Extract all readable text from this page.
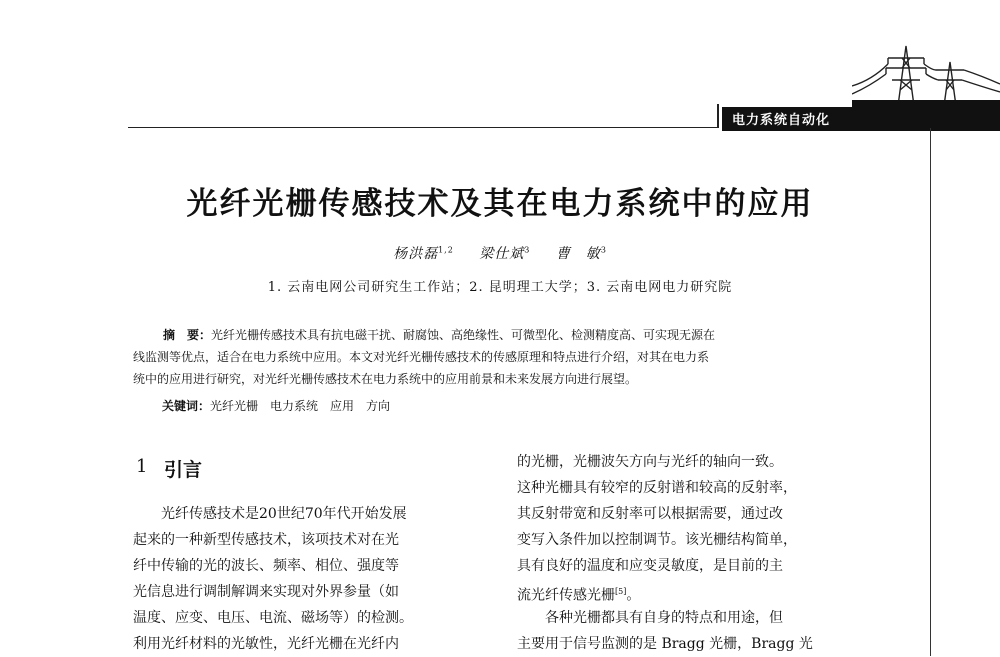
电力系统自动化
光纤光栅传感技术及其在电力系统中的应用
杨洪磊$^{1,2}$ 梁仕斌$^3$ 曹　敏$^3$
1. 云南电网公司研究生工作站；2. 昆明理工大学；3. 云南电网电力研究院
摘　要：光纤光栅传感技术具有抗电磁干扰、耐腐蚀、高绝缘性、可微型化、检测精度高、可实现无源在
线监测等优点，适合在电力系统中应用。本文对光纤光栅传感技术的传感原理和特点进行介绍，对其在电力系
统中的应用进行研究，对光纤光栅传感技术在电力系统中的应用前景和未来发展方向进行展望。
关键词：光纤光栅　电力系统　应用　方向
1 引言
　　光纤传感技术是20世纪70年代开始发展
起来的一种新型传感技术，该项技术对在光
纤中传输的光的波长、频率、相位、强度等
光信息进行调制解调来实现对外界参量（如
温度、应变、电压、电流、磁场等）的检测。
利用光纤材料的光敏性，光纤光栅在光纤内
的光栅，光栅波矢方向与光纤的轴向一致。
这种光栅具有较窄的反射谱和较高的反射率，
其反射带宽和反射率可以根据需要，通过改
变写入条件加以控制调节。该光栅结构简单，
具有良好的温度和应变灵敏度，是目前的主
流光纤传感光栅[5]。
　　各种光栅都具有自身的特点和用途，但
主要用于信号监测的是 Bragg 光栅，Bragg 光
